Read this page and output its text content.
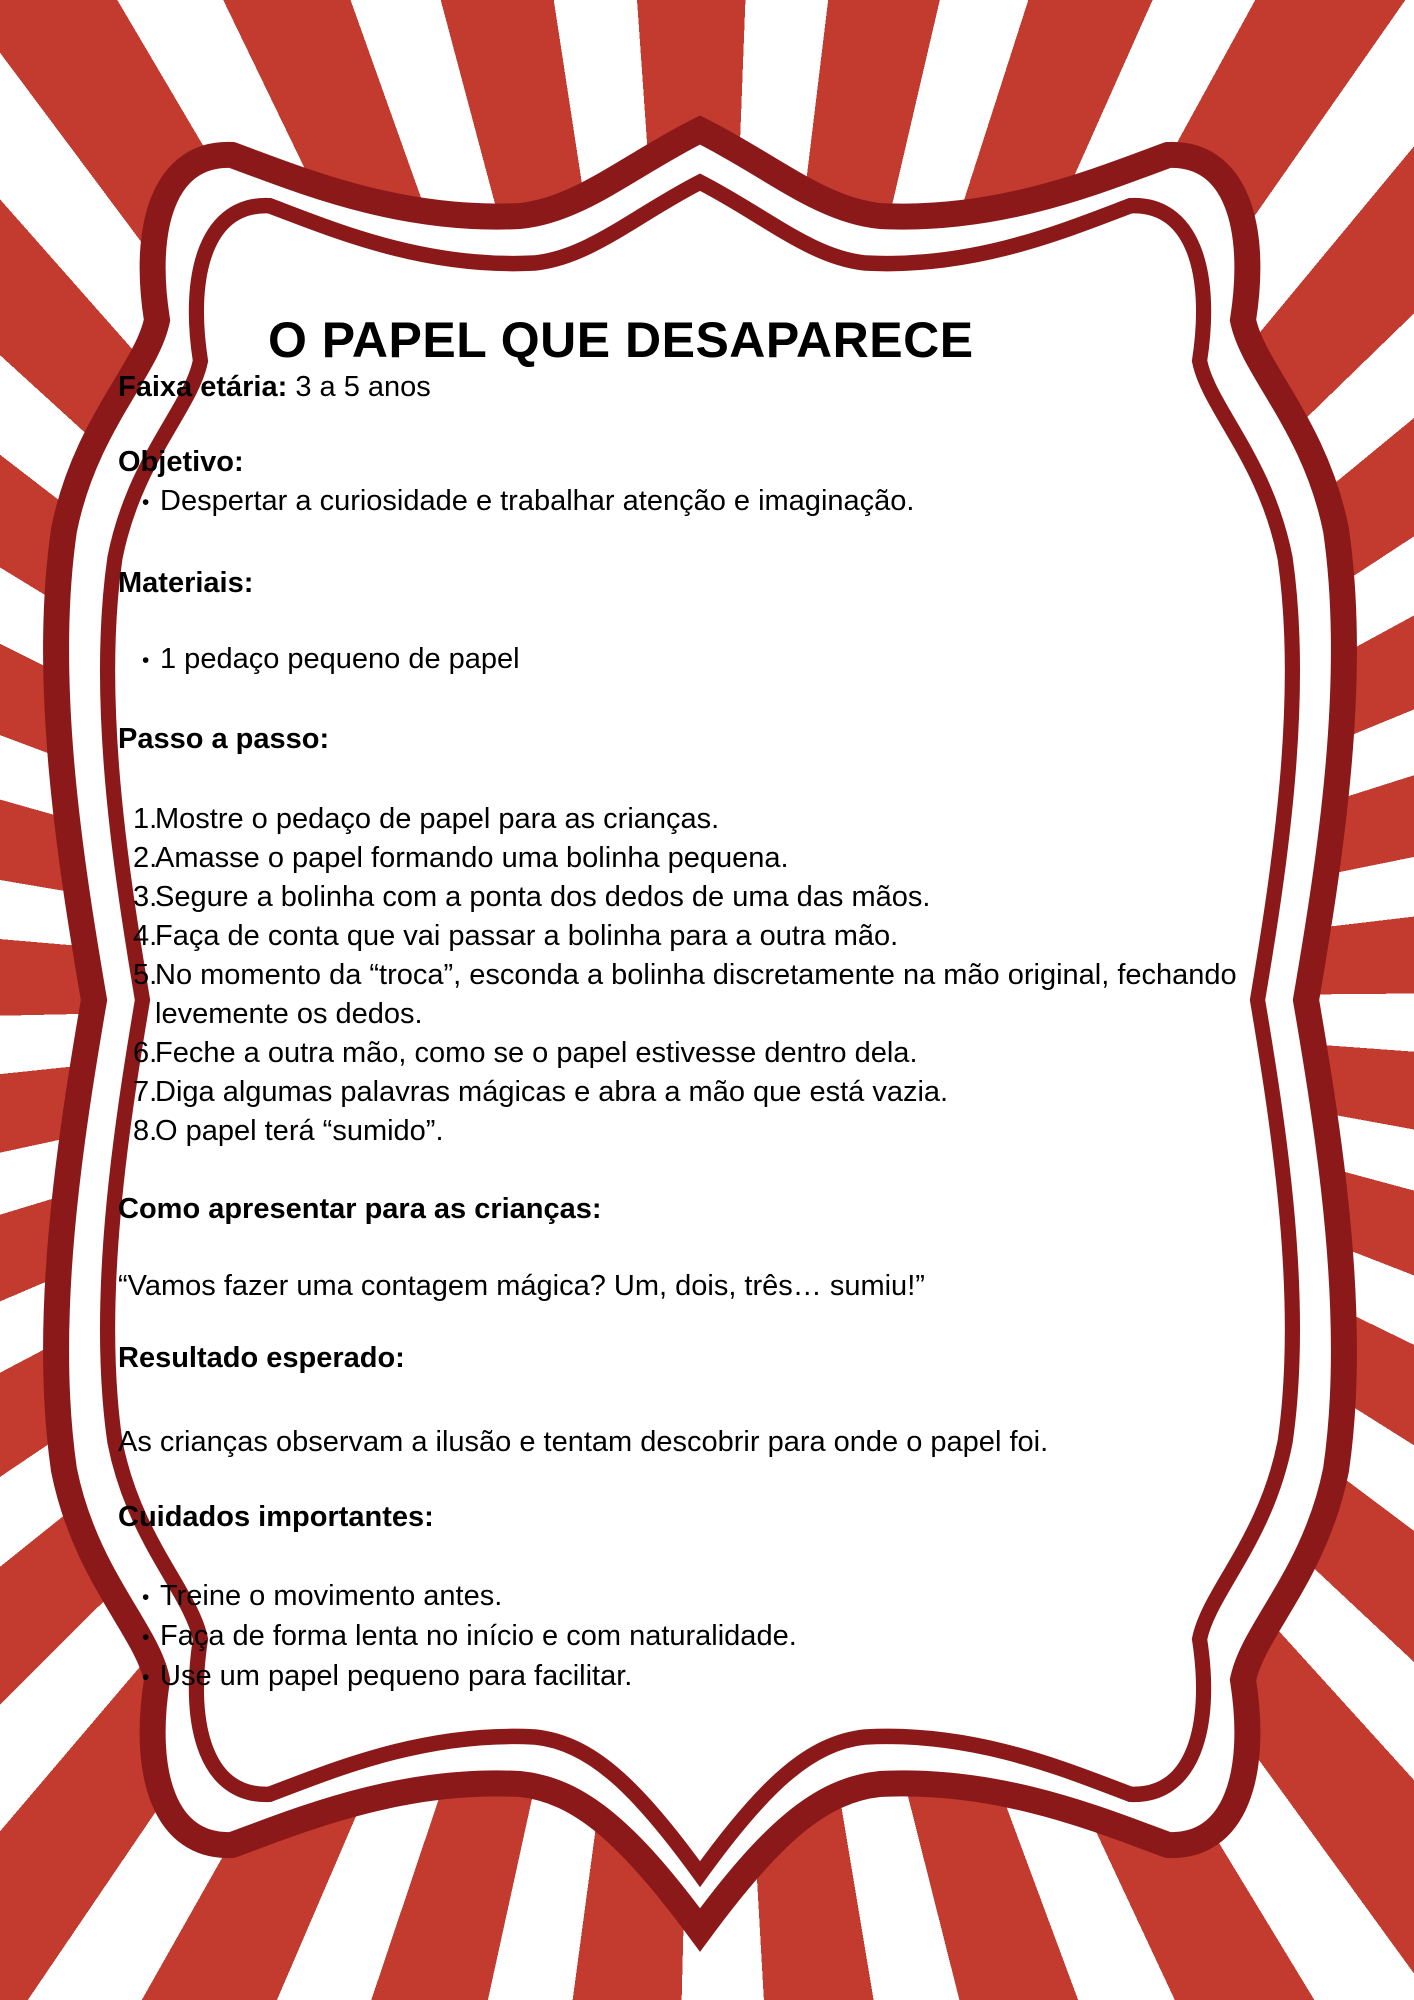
O PAPEL QUE DESAPARECE

Faixa etária: 3 a 5 anos

Objetivo:
• Despertar a curiosidade e trabalhar atenção e imaginação.
Materiais:
• 1 pedaço pequeno de papel
Passo a passo:
Mostre o pedaço de papel para as crianças.
Amasse o papel formando uma bolinha pequena.
Segure a bolinha com a ponta dos dedos de uma das mãos.
Faça de conta que vai passar a bolinha para a outra mão.
No momento da “troca”, esconda a bolinha discretamente na mão original, fechando levemente os dedos.
Feche a outra mão, como se o papel estivesse dentro dela.
Diga algumas palavras mágicas e abra a mão que está vazia.
O papel terá “sumido”.
Como apresentar para as crianças:

“Vamos fazer uma contagem mágica? Um, dois, três… sumiu!”

Resultado esperado:

As crianças observam a ilusão e tentam descobrir para onde o papel foi.

Cuidados importantes:
• Treine o movimento antes.
• Faça de forma lenta no início e com naturalidade.
• Use um papel pequeno para facilitar.
